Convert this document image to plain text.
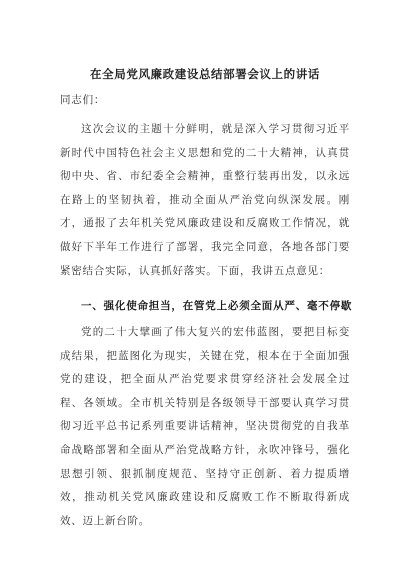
在全局党风廉政建设总结部署会议上的讲话
同志们：

这次会议的主题十分鲜明，就是深入学习贯彻习近平新时代中国特色社会主义思想和党的二十大精神，认真贯彻中央、省、市纪委全会精神，重整行装再出发，以永远在路上的坚韧执着，推动全面从严治党向纵深发展。刚才，通报了去年机关党风廉政建设和反腐败工作情况，就做好下半年工作进行了部署，我完全同意，各地各部门要紧密结合实际，认真抓好落实。下面，我讲五点意见：

一、强化使命担当，在管党上必须全面从严、毫不停歇

党的二十大擘画了伟大复兴的宏伟蓝图，要把目标变成结果，把蓝图化为现实，关键在党，根本在于全面加强党的建设，把全面从严治党要求贯穿经济社会发展全过程、各领域。全市机关特别是各级领导干部要认真学习贯彻习近平总书记系列重要讲话精神，坚决贯彻党的自我革命战略部署和全面从严治党战略方针，永吹冲锋号，强化思想引领、狠抓制度规范、坚持守正创新、着力提质增效，推动机关党风廉政建设和反腐败工作不断取得新成效、迈上新台阶。
